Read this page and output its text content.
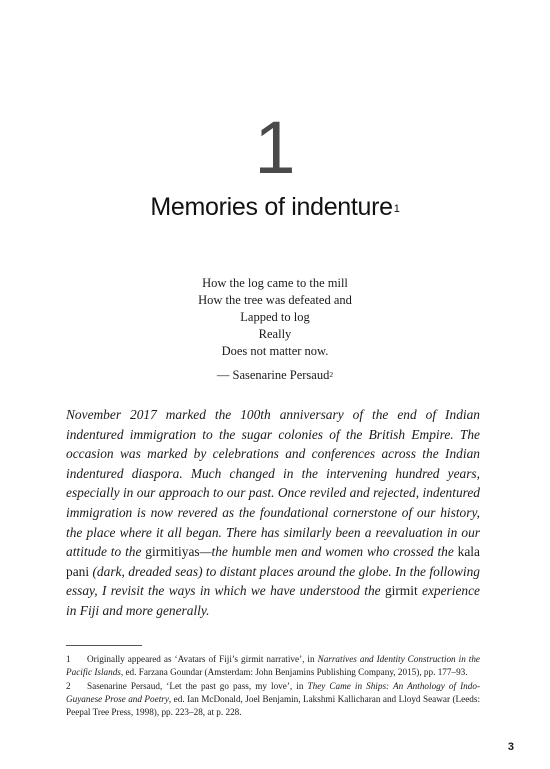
1
Memories of indenture$^1$
How the log came to the mill
How the tree was defeated and
Lapped to log
Really
Does not matter now.
— Sasenarine Persaud$^2$

November 2017 marked the 100th anniversary of the end of Indian indentured immigration to the sugar colonies of the British Empire. The occasion was marked by celebrations and conferences across the Indian indentured diaspora. Much changed in the intervening hundred years, especially in our approach to our past. Once reviled and rejected, indentured immigration is now revered as the foundational cornerstone of our history, the place where it all began. There has similarly been a reevaluation in our attitude to the girmitiyas—the humble men and women who crossed the kala pani (dark, dreaded seas) to distant places around the globe. In the following essay, I revisit the ways in which we have understood the girmit experience in Fiji and more generally.

1 Originally appeared as ‘Avatars of Fiji’s girmit narrative’, in Narratives and Identity Construction in the Pacific Islands, ed. Farzana Goundar (Amsterdam: John Benjamins Publishing Company, 2015), pp. 177–93.

2 Sasenarine Persaud, ‘Let the past go pass, my love’, in They Came in Ships: An Anthology of Indo-Guyanese Prose and Poetry, ed. Ian McDonald, Joel Benjamin, Lakshmi Kallicharan and Lloyd Seawar (Leeds: Peepal Tree Press, 1998), pp. 223–28, at p. 228.

3
